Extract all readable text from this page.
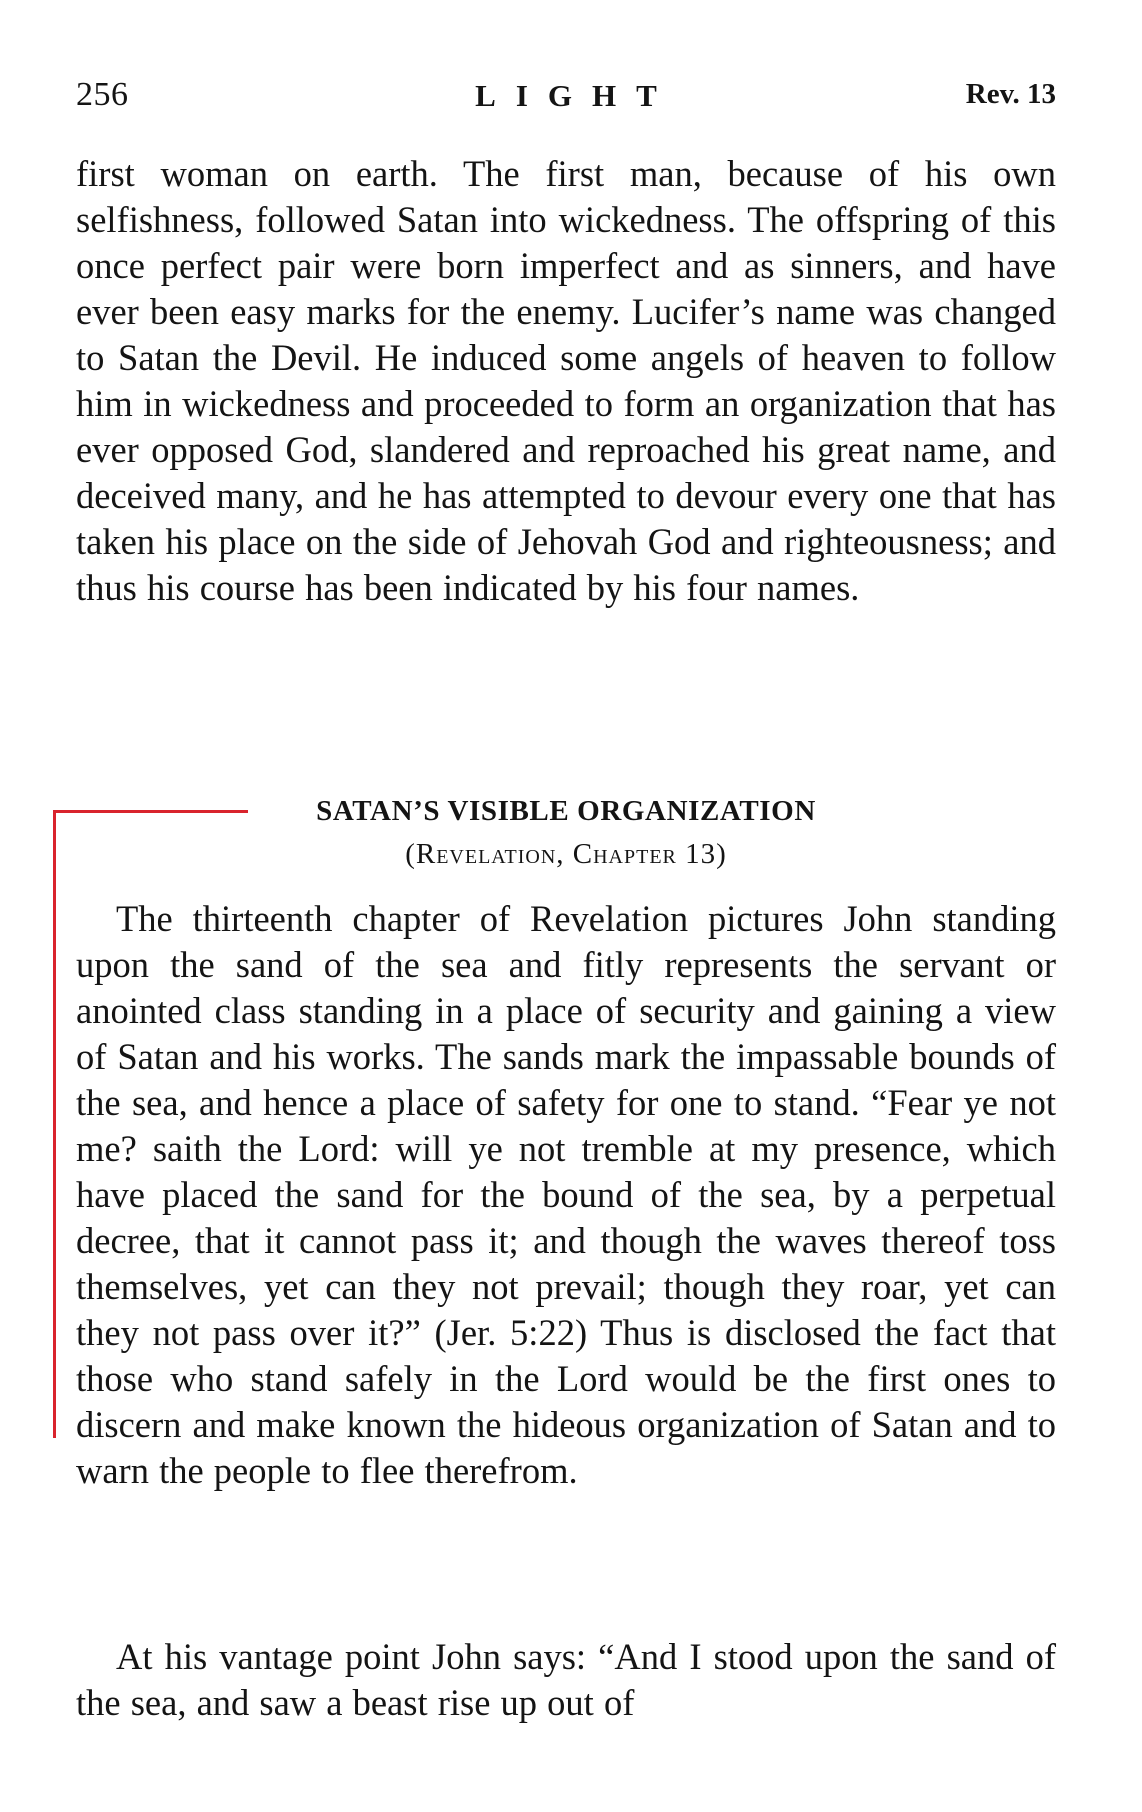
256	LIGHT	Rev. 13

first woman on earth. The first man, because of his own selfishness, followed Satan into wickedness. The offspring of this once perfect pair were born imperfect and as sinners, and have ever been easy marks for the enemy. Lucifer’s name was changed to Satan the Devil. He induced some angels of heaven to follow him in wickedness and proceeded to form an organization that has ever opposed God, slandered and reproached his great name, and deceived many, and he has attempted to devour every one that has taken his place on the side of Jehovah God and righteousness; and thus his course has been indicated by his four names.

SATAN’S VISIBLE ORGANIZATION
(Revelation, Chapter 13)

The thirteenth chapter of Revelation pictures John standing upon the sand of the sea and fitly represents the servant or anointed class standing in a place of security and gaining a view of Satan and his works. The sands mark the impassable bounds of the sea, and hence a place of safety for one to stand. “Fear ye not me? saith the Lord: will ye not tremble at my presence, which have placed the sand for the bound of the sea, by a perpetual decree, that it cannot pass it; and though the waves thereof toss themselves, yet can they not prevail; though they roar, yet can they not pass over it?” (Jer. 5:22) Thus is disclosed the fact that those who stand safely in the Lord would be the first ones to discern and make known the hideous organization of Satan and to warn the people to flee therefrom.

At his vantage point John says: “And I stood upon the sand of the sea, and saw a beast rise up out of
